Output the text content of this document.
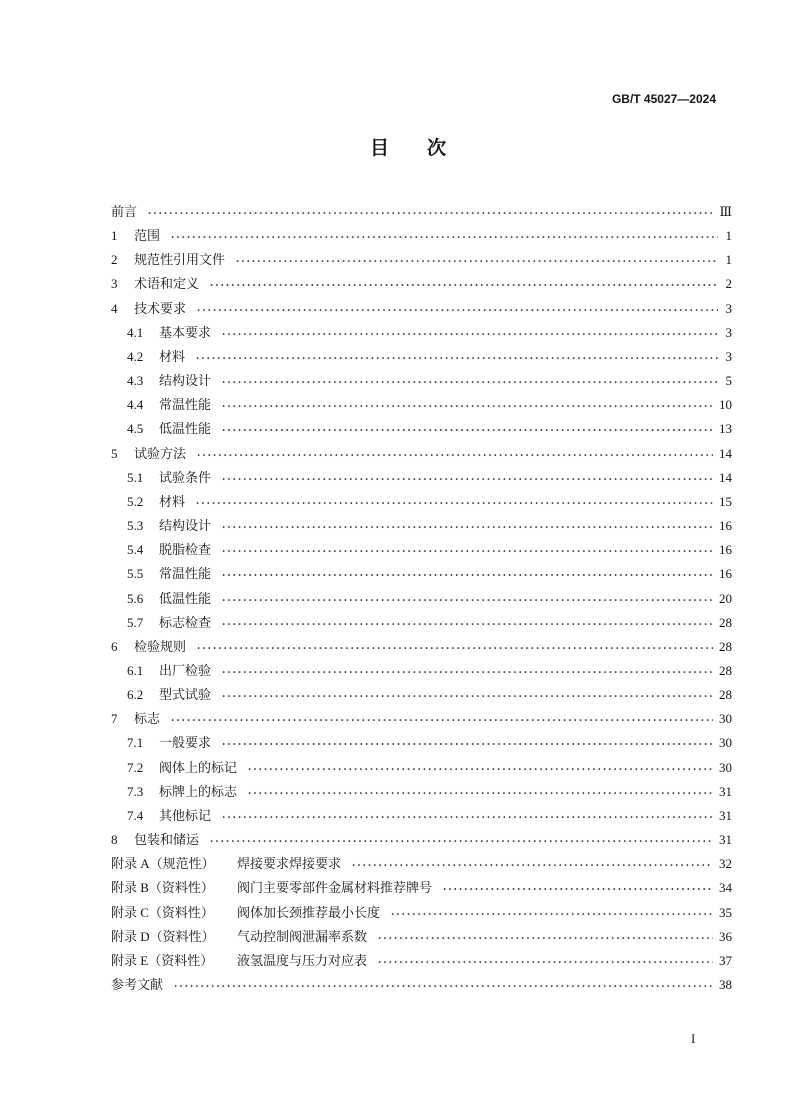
GB/T 45027—2024
目　　次
前言	Ⅲ
1	范围	1
2	规范性引用文件	1
3	术语和定义	2
4	技术要求	3
4.1	基本要求	3
4.2	材料	3
4.3	结构设计	5
4.4	常温性能	10
4.5	低温性能	13
5	试验方法	14
5.1	试验条件	14
5.2	材料	15
5.3	结构设计	16
5.4	脱脂检查	16
5.5	常温性能	16
5.6	低温性能	20
5.7	标志检查	28
6	检验规则	28
6.1	出厂检验	28
6.2	型式试验	28
7	标志	30
7.1	一般要求	30
7.2	阀体上的标记	30
7.3	标牌上的标志	31
7.4	其他标记	31
8	包装和储运	31
附录 A（规范性）	焊接要求焊接要求	32
附录 B（资料性）	阀门主要零部件金属材料推荐牌号	34
附录 C（资料性）	阀体加长颈推荐最小长度	35
附录 D（资料性）	气动控制阀泄漏率系数	36
附录 E（资料性）	液氢温度与压力对应表	37
参考文献	38
I
